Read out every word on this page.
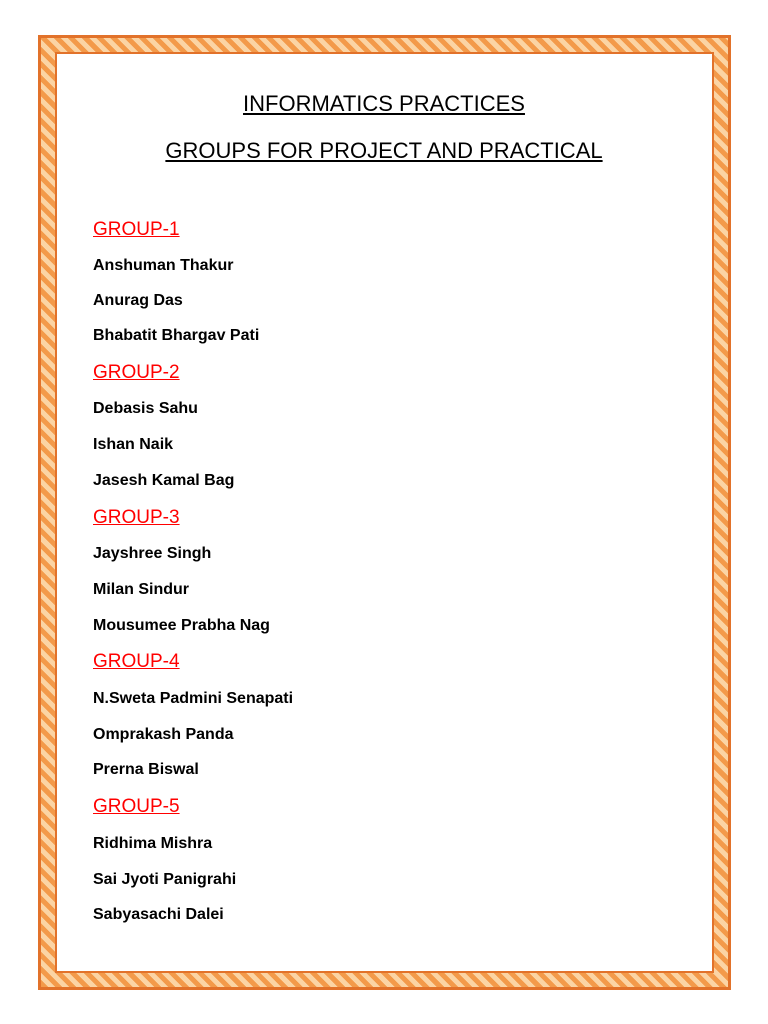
INFORMATICS PRACTICES
GROUPS FOR PROJECT AND PRACTICAL
GROUP-1
Anshuman Thakur
Anurag Das
Bhabatit Bhargav Pati
GROUP-2
Debasis Sahu
Ishan Naik
Jasesh Kamal Bag
GROUP-3
Jayshree Singh
Milan Sindur
Mousumee Prabha Nag
GROUP-4
N.Sweta Padmini Senapati
Omprakash Panda
Prerna Biswal
GROUP-5
Ridhima Mishra
Sai Jyoti Panigrahi
Sabyasachi Dalei
